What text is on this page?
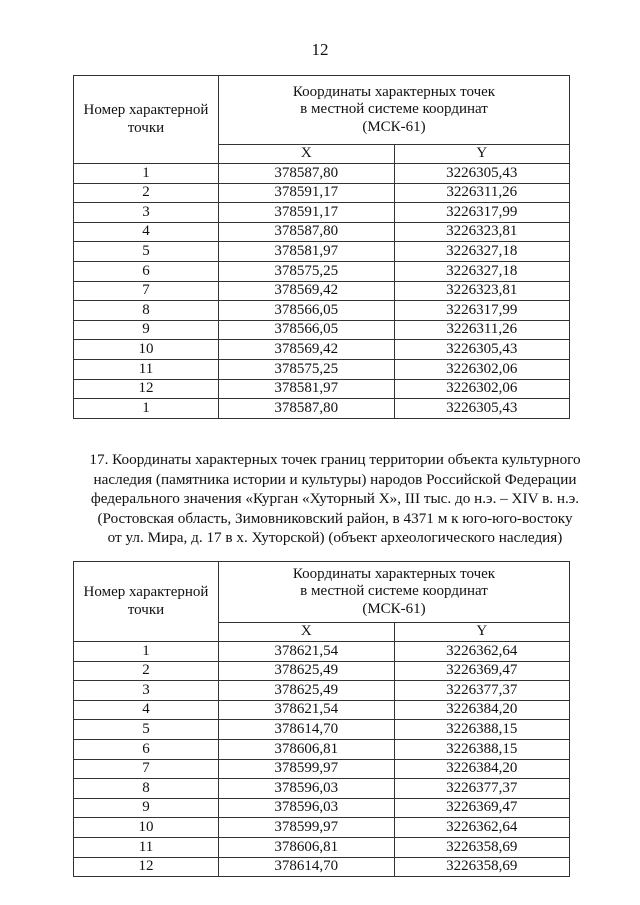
12
Номер характерной точки	Координаты характерных точек
в местной системе координат
(МСК-61)	

	X	Y
1	378587,80	3226305,43
2	378591,17	3226311,26
3	378591,17	3226317,99
4	378587,80	3226323,81
5	378581,97	3226327,18
6	378575,25	3226327,18
7	378569,42	3226323,81
8	378566,05	3226317,99
9	378566,05	3226311,26
10	378569,42	3226305,43
11	378575,25	3226302,06
12	378581,97	3226302,06
1	378587,80	3226305,43
17. Координаты характерных точек границ территории объекта культурного
наследия (памятника истории и культуры) народов Российской Федерации
федерального значения «Курган «Хуторный Х», III тыс. до н.э. – XIV в. н.э.
(Ростовская область, Зимовниковский район, в 4371 м к юго-юго-востоку
от ул. Мира, д. 17 в х. Хуторской) (объект археологического наследия)
Номер характерной точки	Координаты характерных точек
в местной системе координат
(МСК-61)	

	X	Y
1	378621,54	3226362,64
2	378625,49	3226369,47
3	378625,49	3226377,37
4	378621,54	3226384,20
5	378614,70	3226388,15
6	378606,81	3226388,15
7	378599,97	3226384,20
8	378596,03	3226377,37
9	378596,03	3226369,47
10	378599,97	3226362,64
11	378606,81	3226358,69
12	378614,70	3226358,69
